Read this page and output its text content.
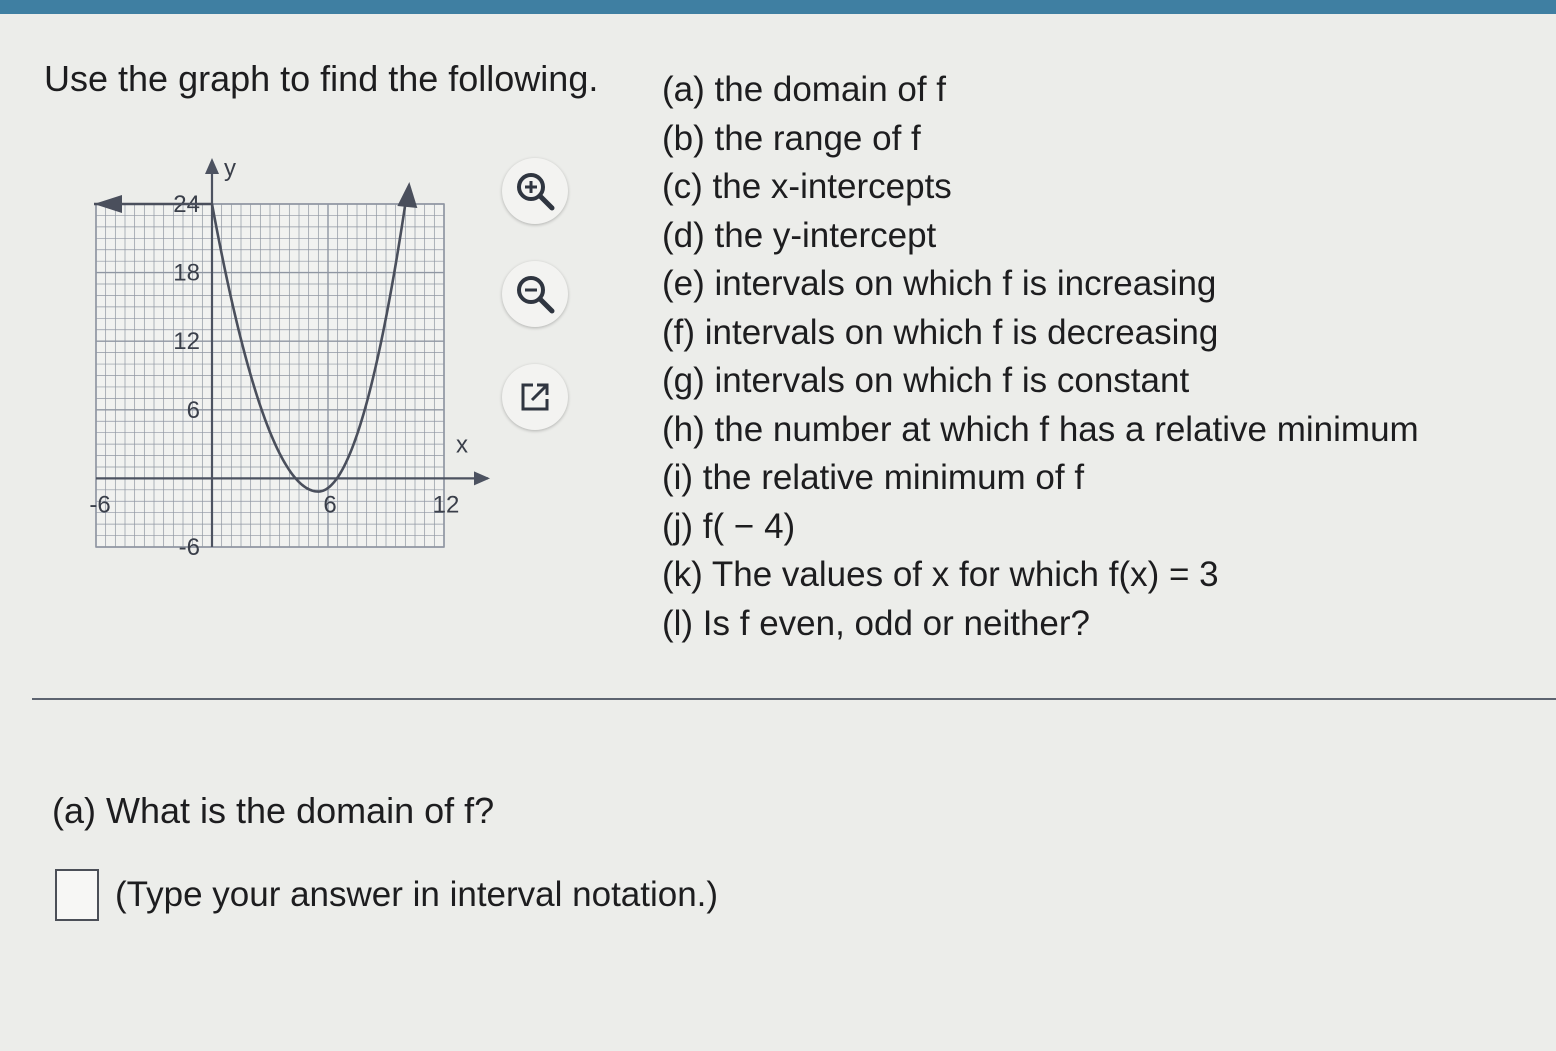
Use the graph to find the following.
y
x
-6	6	12
24
18
12
6
-6
(a) the domain of f
(b) the range of f
(c) the x-intercepts
(d) the y-intercept
(e) intervals on which f is increasing
(f) intervals on which f is decreasing
(g) intervals on which f is constant
(h) the number at which f has a relative minimum
(i) the relative minimum of f
(j) f( − 4)
(k) The values of x for which f(x) = 3
(l) Is f even, odd or neither?
(a) What is the domain of f?
(Type your answer in interval notation.)
